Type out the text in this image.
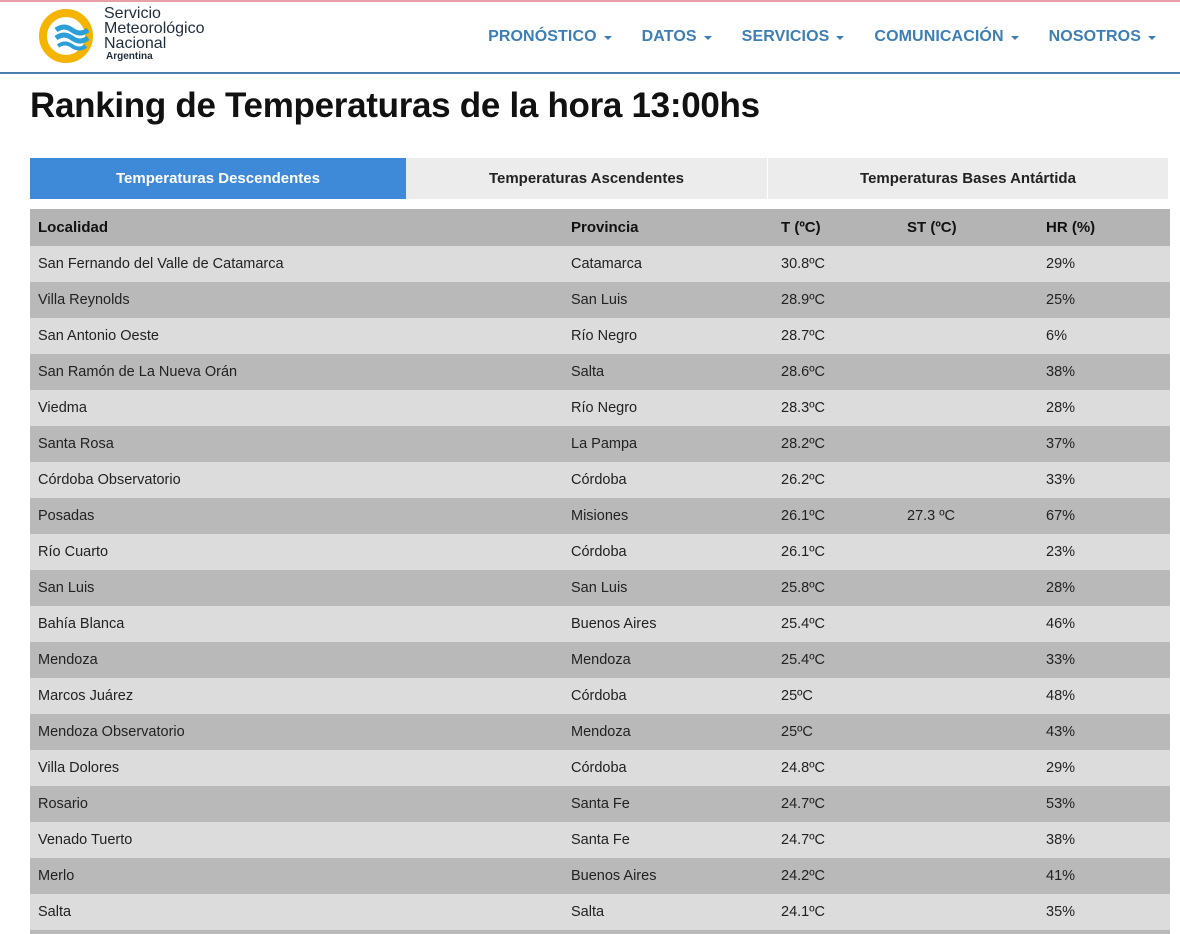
Servicio
Meteorológico
Nacional
Argentina
PRONÓSTICO	DATOS	SERVICIOS	COMUNICACIÓN	NOSOTROS
Ranking de Temperaturas de la hora 13:00hs
Temperaturas Descendentes	Temperaturas Ascendentes	Temperaturas Bases Antártida
Localidad	Provincia	T (ºC)	ST (ºC)	HR (%)
San Fernando del Valle de Catamarca	Catamarca	30.8ºC		29%
Villa Reynolds	San Luis	28.9ºC		25%
San Antonio Oeste	Río Negro	28.7ºC		6%
San Ramón de La Nueva Orán	Salta	28.6ºC		38%
Viedma	Río Negro	28.3ºC		28%
Santa Rosa	La Pampa	28.2ºC		37%
Córdoba Observatorio	Córdoba	26.2ºC		33%
Posadas	Misiones	26.1ºC	27.3 ºC	67%
Río Cuarto	Córdoba	26.1ºC		23%
San Luis	San Luis	25.8ºC		28%
Bahía Blanca	Buenos Aires	25.4ºC		46%
Mendoza	Mendoza	25.4ºC		33%
Marcos Juárez	Córdoba	25ºC		48%
Mendoza Observatorio	Mendoza	25ºC		43%
Villa Dolores	Córdoba	24.8ºC		29%
Rosario	Santa Fe	24.7ºC		53%
Venado Tuerto	Santa Fe	24.7ºC		38%
Merlo	Buenos Aires	24.2ºC		41%
Salta	Salta	24.1ºC		35%
